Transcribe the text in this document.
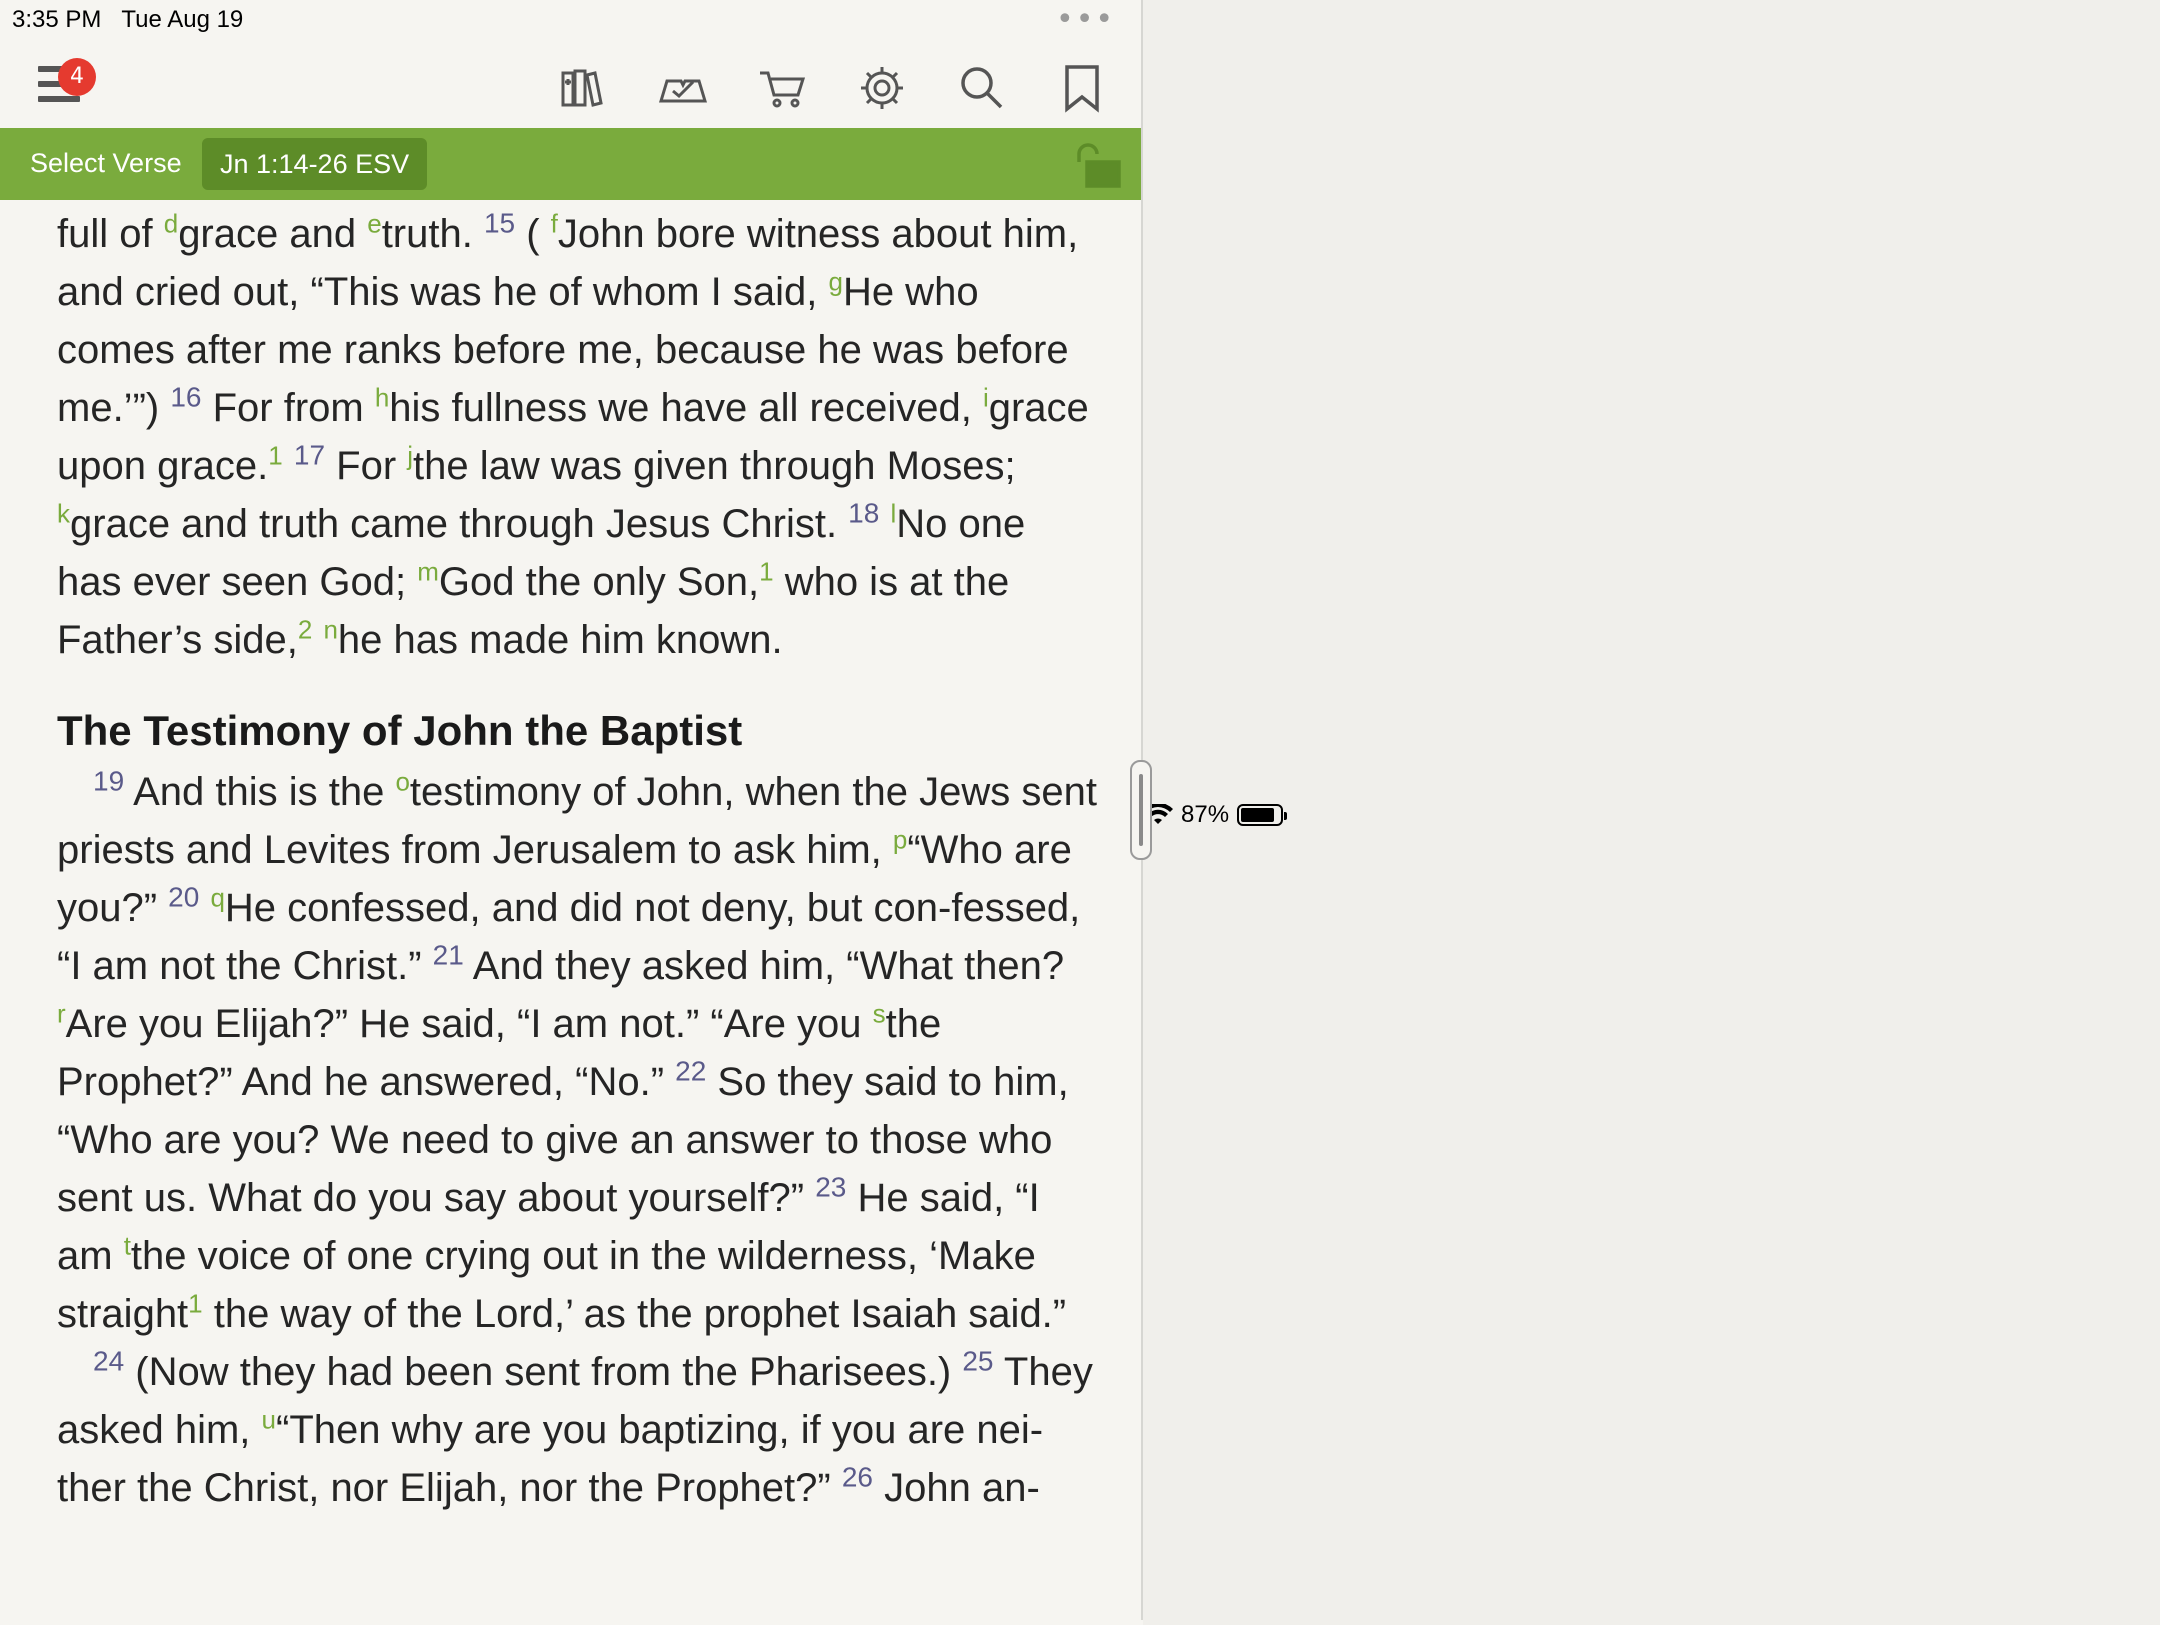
3:35 PM Tue Aug 19	•••
87%
4
Select Verse	Jn 1:14-26 ESV

full of $^d$grace and $^e$truth. $^{15}$ ( $^f$John bore witness about him, and cried out, “This was he of whom I said, $^g$He who comes after me ranks before me, because he was before me.’”) $^{16}$ For from $^h$his fullness we have all received, $^i$grace upon grace.$^1$ $^{17}$ For $^j$the law was given through Moses; $^k$grace and truth came through Jesus Christ. $^{18}$ $^l$No one has ever seen God; $^m$God the only Son,$^1$ who is at the Father’s side,$^2$ $^n$he has made him known.

The Testimony of John the Baptist

$^{19}$ And this is the $^o$testimony of John, when the Jews sent priests and Levites from Jerusalem to ask him, $^p$“Who are you?” $^{20}$ $^q$He confessed, and did not deny, but con-fessed, “I am not the Christ.” $^{21}$ And they asked him, “What then? $^r$Are you Elijah?” He said, “I am not.” “Are you $^s$the Prophet?” And he answered, “No.” $^{22}$ So they said to him, “Who are you? We need to give an answer to those who sent us. What do you say about yourself?” $^{23}$ He said, “I am $^t$the voice of one crying out in the wilderness, ‘Make straight$^1$ the way of the Lord,’ as the prophet Isaiah said.”

$^{24}$ (Now they had been sent from the Pharisees.) $^{25}$ They asked him, $^u$“Then why are you baptizing, if you are nei-ther the Christ, nor Elijah, nor the Prophet?” $^{26}$ John an-
